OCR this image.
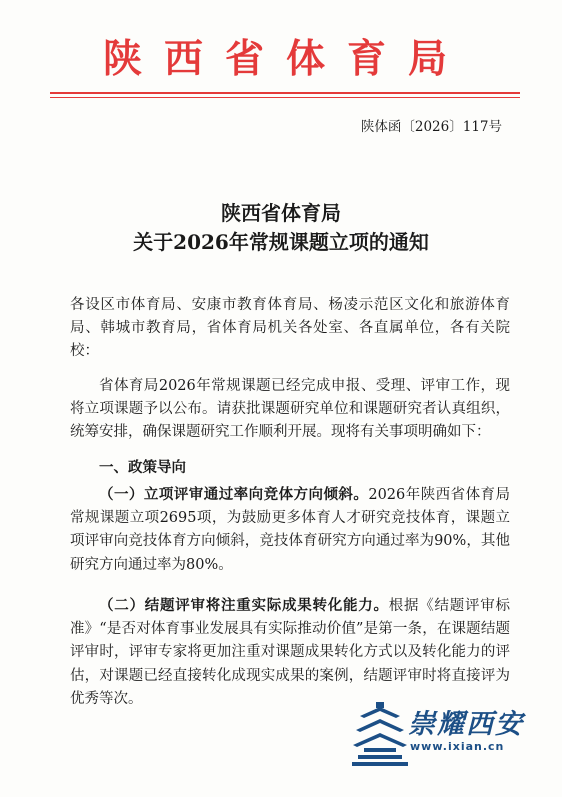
陕西省体育局
陕体函〔2026〕117号
陕西省体育局
关于2026年常规课题立项的通知
各设区市体育局、安康市教育体育局、杨凌示范区文化和旅游体育局、韩城市教育局，省体育局机关各处室、各直属单位，各有关院校：
省体育局2026年常规课题已经完成申报、受理、评审工作，现将立项课题予以公布。请获批课题研究单位和课题研究者认真组织，统筹安排，确保课题研究工作顺利开展。现将有关事项明确如下：
一、政策导向
（一）立项评审通过率向竞体方向倾斜。2026年陕西省体育局常规课题立项2695项，为鼓励更多体育人才研究竞技体育，课题立项评审向竞技体育方向倾斜，竞技体育研究方向通过率为90%，其他研究方向通过率为80%。
（二）结题评审将注重实际成果转化能力。根据《结题评审标准》“是否对体育事业发展具有实际推动价值”是第一条，在课题结题评审时，评审专家将更加注重对课题成果转化方式以及转化能力的评估，对课题已经直接转化成现实成果的案例，结题评审时将直接评为优秀等次。
崇耀西安
www.ixian.cn
